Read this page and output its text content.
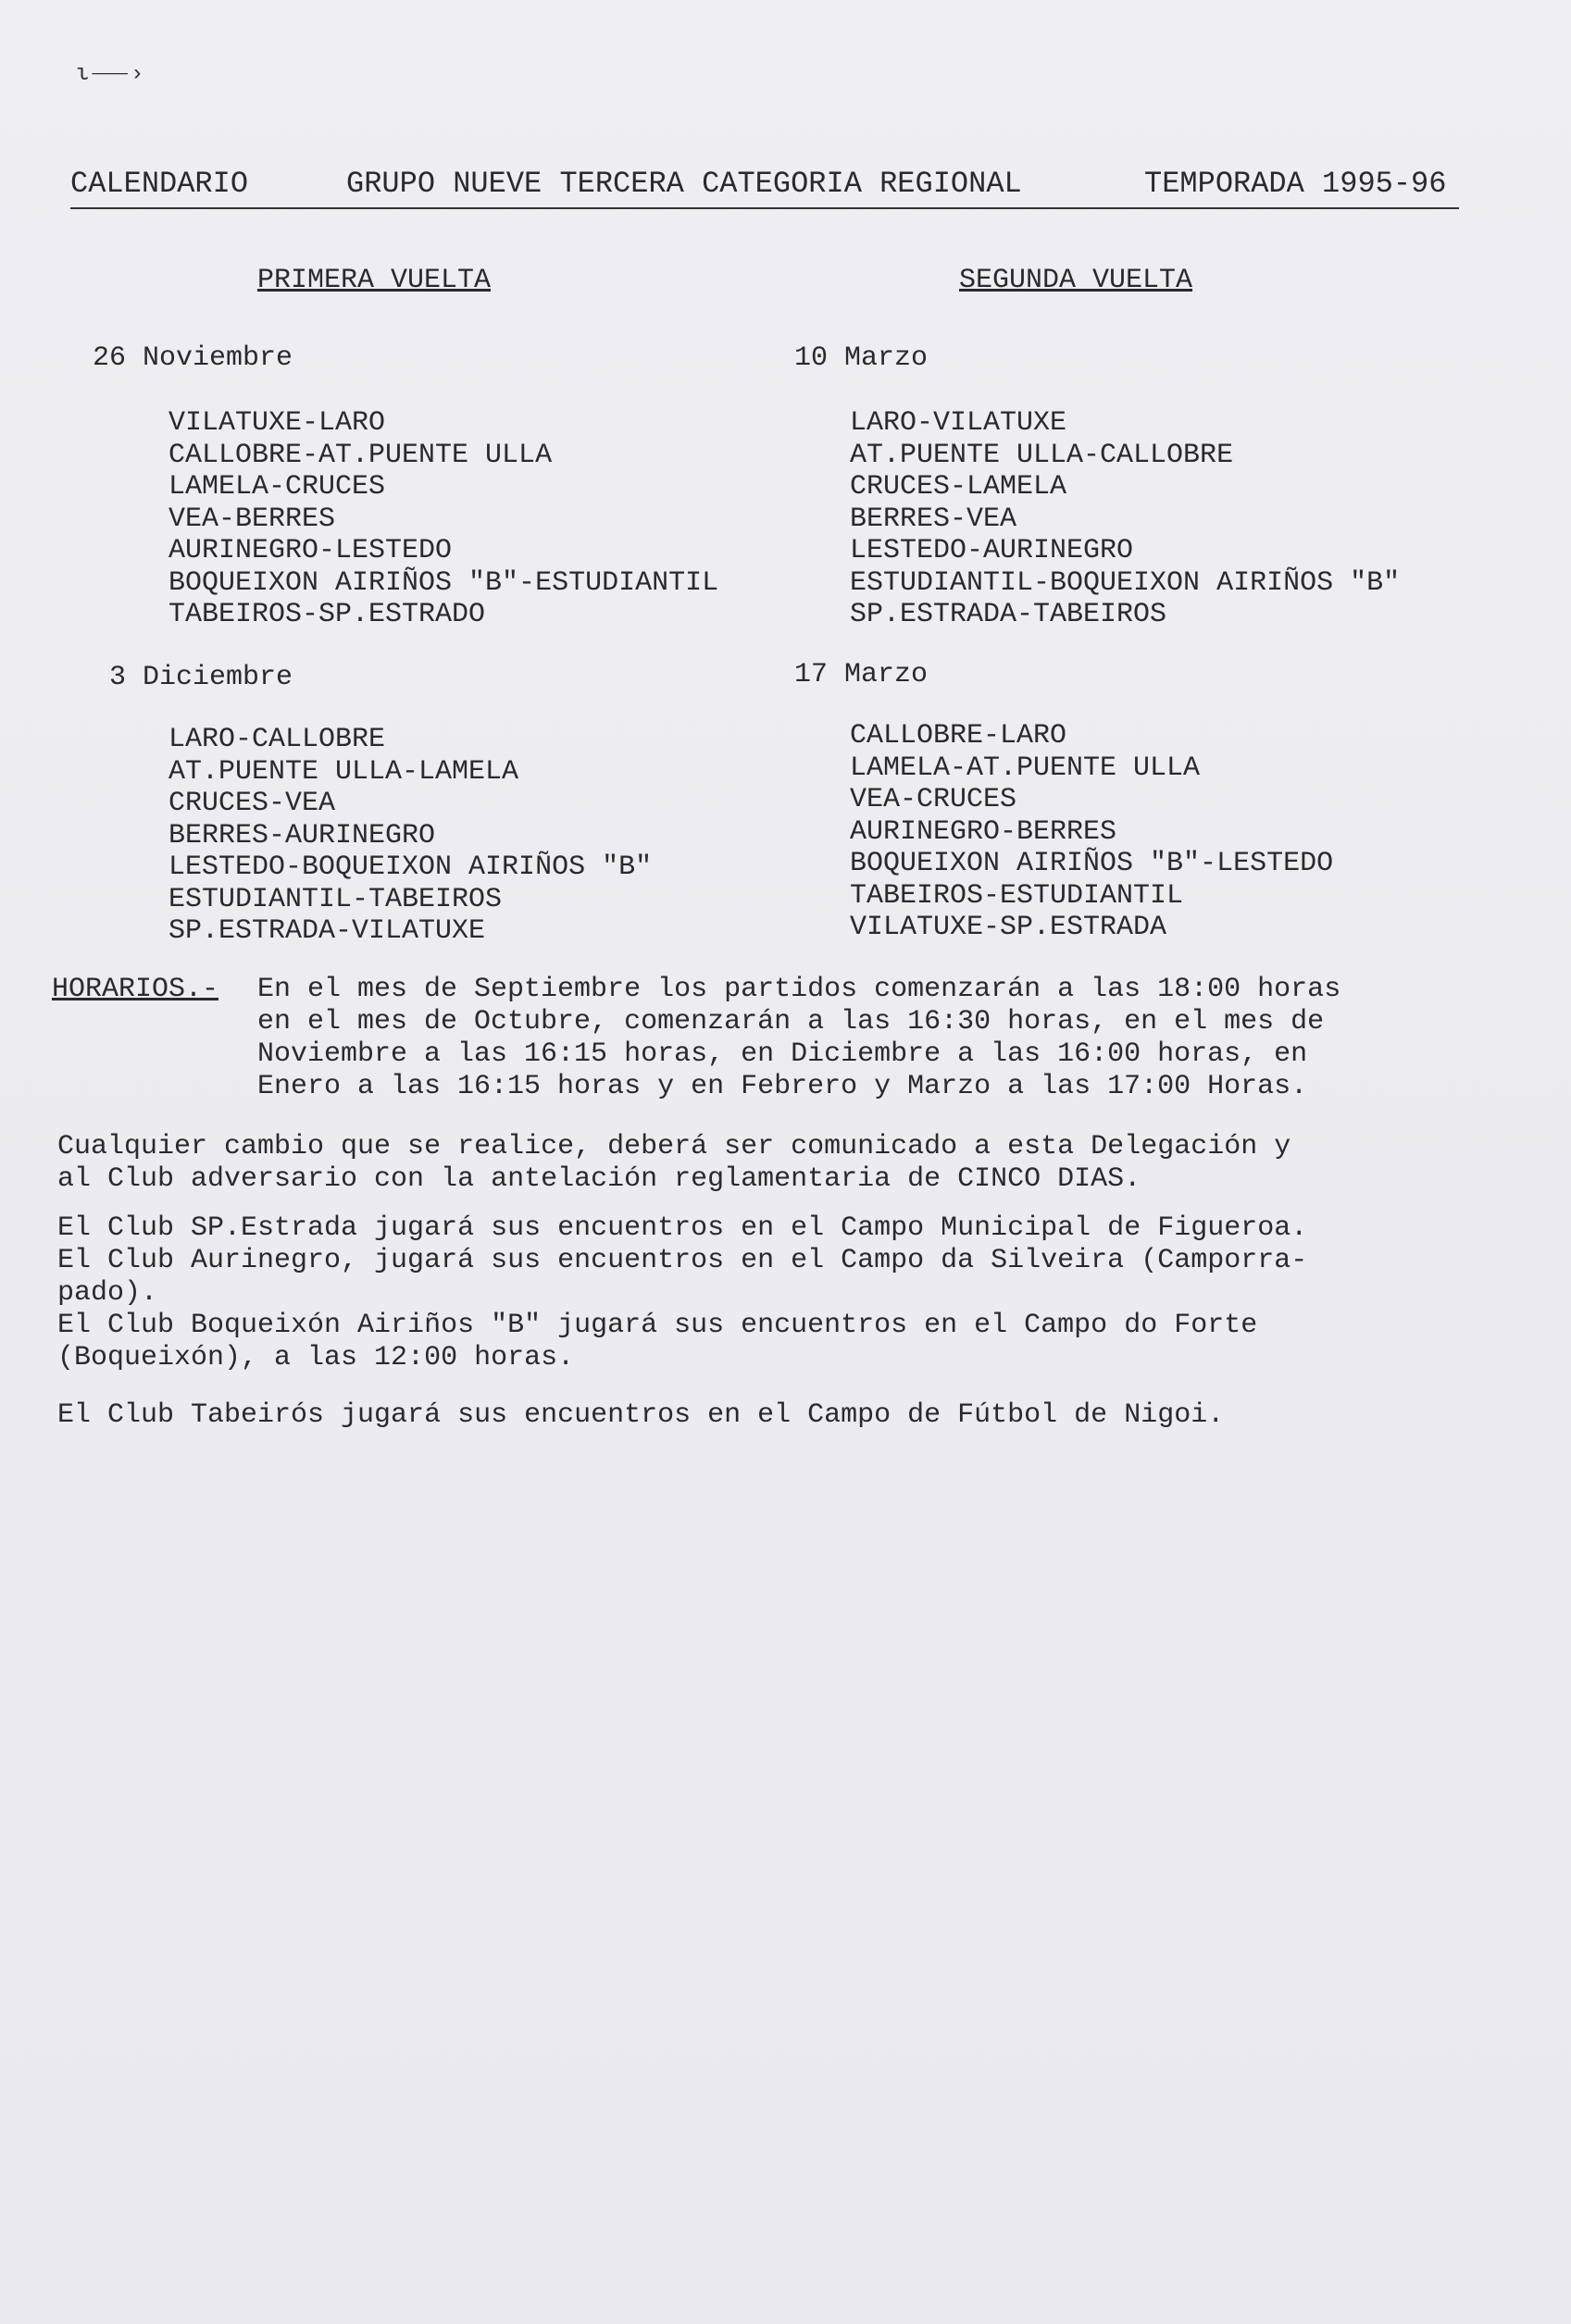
ι⸺›
CALENDARIO	GRUPO NUEVE TERCERA CATEGORIA REGIONAL	TEMPORADA 1995-96
PRIMERA VUELTA	SEGUNDA VUELTA
26 Noviembre
VILATUXE-LARO
CALLOBRE-AT.PUENTE ULLA
LAMELA-CRUCES
VEA-BERRES
AURINEGRO-LESTEDO
BOQUEIXON AIRIÑOS "B"-ESTUDIANTIL
TABEIROS-SP.ESTRADO
3 Diciembre
LARO-CALLOBRE
AT.PUENTE ULLA-LAMELA
CRUCES-VEA
BERRES-AURINEGRO
LESTEDO-BOQUEIXON AIRIÑOS "B"
ESTUDIANTIL-TABEIROS
SP.ESTRADA-VILATUXE
10 Marzo
LARO-VILATUXE
AT.PUENTE ULLA-CALLOBRE
CRUCES-LAMELA
BERRES-VEA
LESTEDO-AURINEGRO
ESTUDIANTIL-BOQUEIXON AIRIÑOS "B"
SP.ESTRADA-TABEIROS
17 Marzo
CALLOBRE-LARO
LAMELA-AT.PUENTE ULLA
VEA-CRUCES
AURINEGRO-BERRES
BOQUEIXON AIRIÑOS "B"-LESTEDO
TABEIROS-ESTUDIANTIL
VILATUXE-SP.ESTRADA
HORARIOS.- En el mes de Septiembre los partidos comenzarán a las 18:00 horas
en el mes de Octubre, comenzarán a las 16:30 horas, en el mes de
Noviembre a las 16:15 horas, en Diciembre a las 16:00 horas, en
Enero a las 16:15 horas y en Febrero y Marzo a las 17:00 Horas.
Cualquier cambio que se realice, deberá ser comunicado a esta Delegación y
al Club adversario con la antelación reglamentaria de CINCO DIAS.
El Club SP.Estrada jugará sus encuentros en el Campo Municipal de Figueroa.
El Club Aurinegro, jugará sus encuentros en el Campo da Silveira (Camporra-
pado).
El Club Boqueixón Airiños "B" jugará sus encuentros en el Campo do Forte
(Boqueixón), a las 12:00 horas.
El Club Tabeirós jugará sus encuentros en el Campo de Fútbol de Nigoi.
